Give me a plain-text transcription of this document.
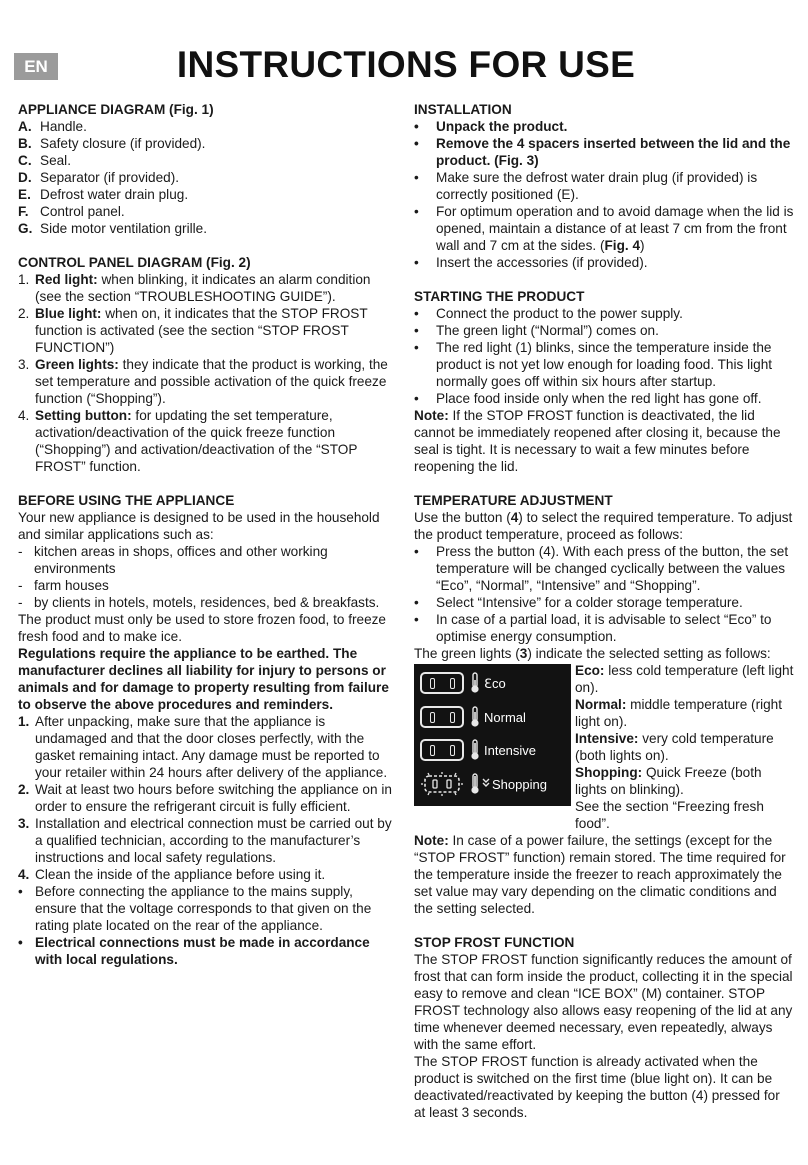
EN	INSTRUCTIONS FOR USE
APPLIANCE DIAGRAM (Fig. 1)
A. Handle.
B. Safety closure (if provided).
C. Seal.
D. Separator (if provided).
E. Defrost water drain plug.
F. Control panel.
G. Side motor ventilation grille.
CONTROL PANEL DIAGRAM (Fig. 2)
1. Red light: when blinking, it indicates an alarm condition (see the section “TROUBLESHOOTING GUIDE”).
2. Blue light: when on, it indicates that the STOP FROST function is activated (see the section “STOP FROST FUNCTION”)
3. Green lights: they indicate that the product is working, the set temperature and possible activation of the quick freeze function (“Shopping”).
4. Setting button: for updating the set temperature, activation/deactivation of the quick freeze function (“Shopping”) and activation/deactivation of the “STOP FROST” function.
BEFORE USING THE APPLIANCE

Your new appliance is designed to be used in the household and similar applications such as:

- kitchen areas in shops, offices and other working environments
- farm houses
- by clients in hotels, motels, residences, bed & breakfasts.

The product must only be used to store frozen food, to freeze fresh food and to make ice.

Regulations require the appliance to be earthed. The manufacturer declines all liability for injury to persons or animals and for damage to property resulting from failure to observe the above procedures and reminders.

1. After unpacking, make sure that the appliance is undamaged and that the door closes perfectly, with the gasket remaining intact. Any damage must be reported to your retailer within 24 hours after delivery of the appliance.
2. Wait at least two hours before switching the appliance on in order to ensure the refrigerant circuit is fully efficient.
3. Installation and electrical connection must be carried out by a qualified technician, according to the manufacturer’s instructions and local safety regulations.
4. Clean the inside of the appliance before using it.
• Before connecting the appliance to the mains supply, ensure that the voltage corresponds to that given on the rating plate located on the rear of the appliance.
• Electrical connections must be made in accordance with local regulations.
INSTALLATION
•	Unpack the product.
•	Remove the 4 spacers inserted between the lid and the product. (Fig. 3)
•	Make sure the defrost water drain plug (if provided) is correctly positioned (E).
•	For optimum operation and to avoid damage when the lid is opened, maintain a distance of at least 7 cm from the front wall and 7 cm at the sides. (Fig. 4)
•	Insert the accessories (if provided).
STARTING THE PRODUCT
•	Connect the product to the power supply.
•	The green light (“Normal”) comes on.
•	The red light (1) blinks, since the temperature inside the product is not yet low enough for loading food. This light normally goes off within six hours after startup.
•	Place food inside only when the red light has gone off.

Note: If the STOP FROST function is deactivated, the lid cannot be immediately reopened after closing it, because the seal is tight. It is necessary to wait a few minutes before reopening the lid.

TEMPERATURE ADJUSTMENT

Use the button (4) to select the required temperature. To adjust the product temperature, proceed as follows:

•	Press the button (4). With each press of the button, the set temperature will be changed cyclically between the values “Eco”, “Normal”, “Intensive” and “Shopping”.
•	Select “Intensive” for a colder storage temperature.
•	In case of a partial load, it is advisable to select “Eco” to optimise energy consumption.

The green lights (3) indicate the selected setting as follows:

ℇco
Normal
Intensive
Shopping

Eco: less cold temperature (left light on).

Normal: middle temperature (right light on).

Intensive: very cold temperature (both lights on).

Shopping: Quick Freeze (both lights on blinking).

See the section “Freezing fresh food”.

Note: In case of a power failure, the settings (except for the “STOP FROST” function) remain stored. The time required for the temperature inside the freezer to reach approximately the set value may vary depending on the climatic conditions and the setting selected.

STOP FROST FUNCTION

The STOP FROST function significantly reduces the amount of frost that can form inside the product, collecting it in the special easy to remove and clean “ICE BOX” (M) container. STOP FROST technology also allows easy reopening of the lid at any time whenever deemed necessary, even repeatedly, always with the same effort.

The STOP FROST function is already activated when the product is switched on the first time (blue light on). It can be deactivated/reactivated by keeping the button (4) pressed for at least 3 seconds.
